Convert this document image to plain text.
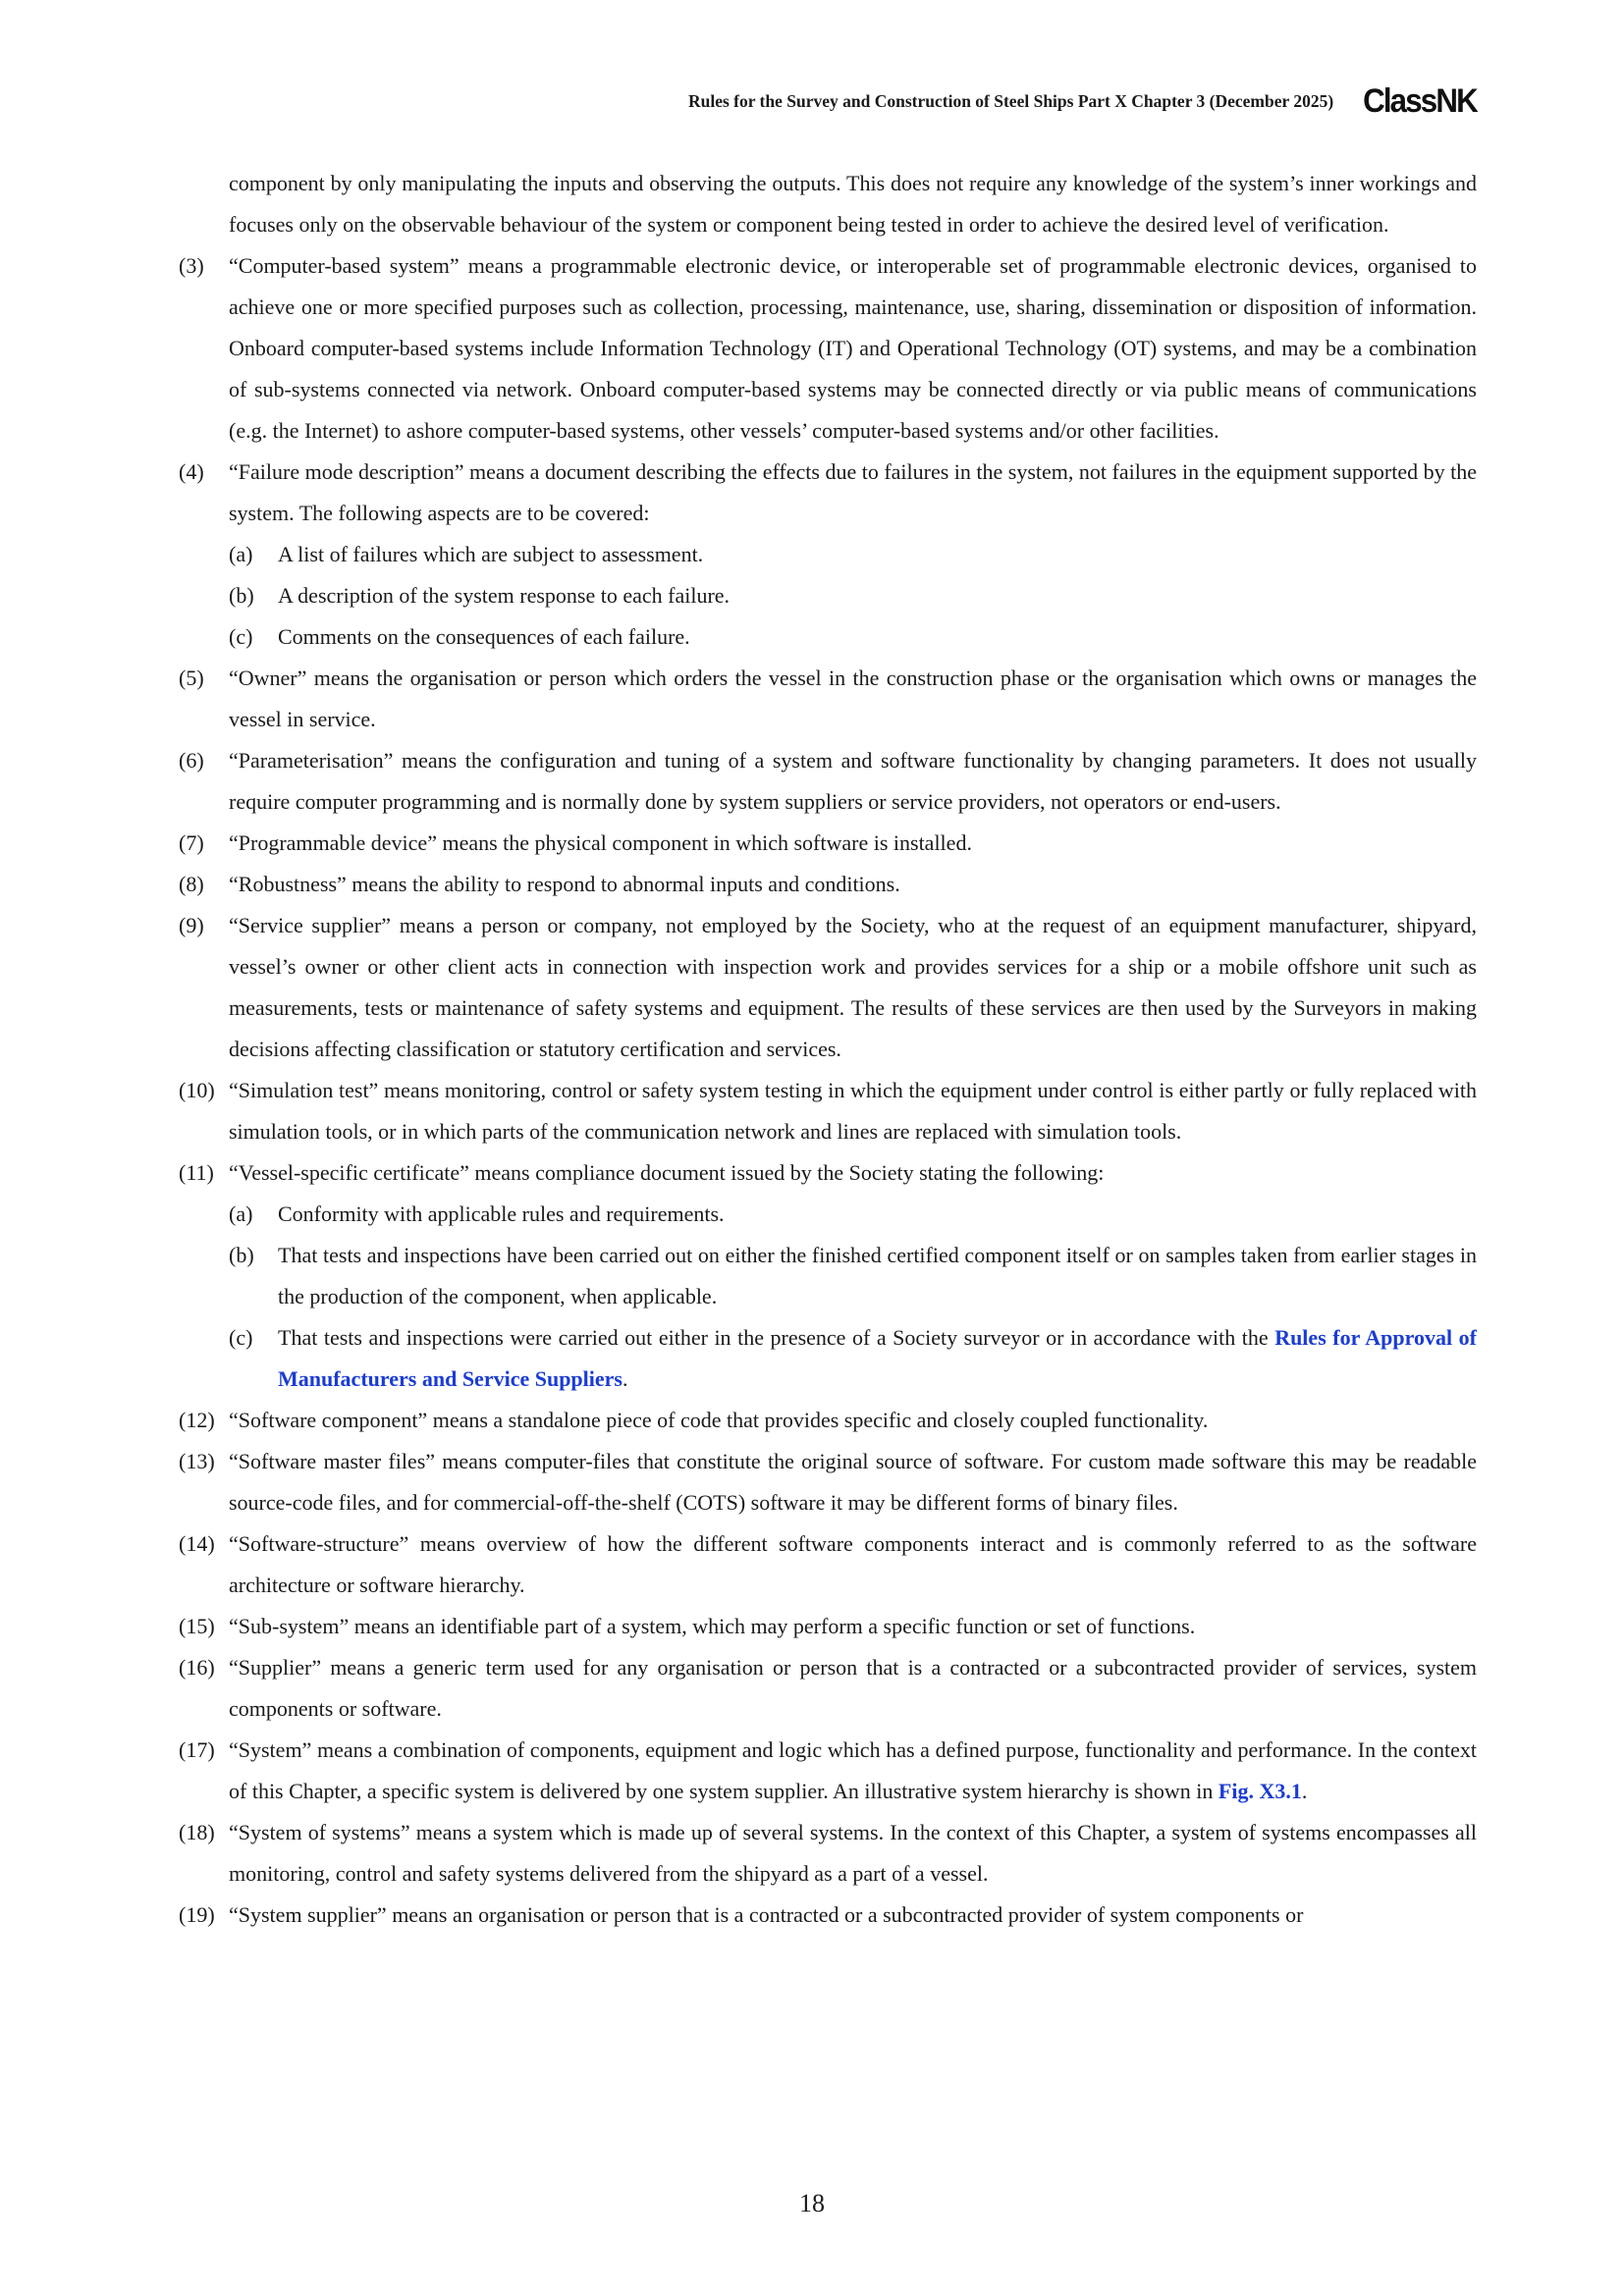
Rules for the Survey and Construction of Steel Ships Part X Chapter 3 (December 2025) ClassNK
component by only manipulating the inputs and observing the outputs. This does not require any knowledge of the system’s inner workings and focuses only on the observable behaviour of the system or component being tested in order to achieve the desired level of verification.
(3)	“Computer-based system” means a programmable electronic device, or interoperable set of programmable electronic devices, organised to achieve one or more specified purposes such as collection, processing, maintenance, use, sharing, dissemination or disposition of information. Onboard computer-based systems include Information Technology (IT) and Operational Technology (OT) systems, and may be a combination of sub-systems connected via network. Onboard computer-based systems may be connected directly or via public means of communications (e.g. the Internet) to ashore computer-based systems, other vessels’ computer-based systems and/or other facilities.
(4)	“Failure mode description” means a document describing the effects due to failures in the system, not failures in the equipment supported by the system. The following aspects are to be covered:
(a)	A list of failures which are subject to assessment.
(b)	A description of the system response to each failure.
(c)	Comments on the consequences of each failure.
(5)	“Owner” means the organisation or person which orders the vessel in the construction phase or the organisation which owns or manages the vessel in service.
(6)	“Parameterisation” means the configuration and tuning of a system and software functionality by changing parameters. It does not usually require computer programming and is normally done by system suppliers or service providers, not operators or end-users.
(7)	“Programmable device” means the physical component in which software is installed.
(8)	“Robustness” means the ability to respond to abnormal inputs and conditions.
(9)	“Service supplier” means a person or company, not employed by the Society, who at the request of an equipment manufacturer, shipyard, vessel’s owner or other client acts in connection with inspection work and provides services for a ship or a mobile offshore unit such as measurements, tests or maintenance of safety systems and equipment. The results of these services are then used by the Surveyors in making decisions affecting classification or statutory certification and services.
(10) “Simulation test” means monitoring, control or safety system testing in which the equipment under control is either partly or fully replaced with simulation tools, or in which parts of the communication network and lines are replaced with simulation tools.
(11) “Vessel-specific certificate” means compliance document issued by the Society stating the following:
(a)	Conformity with applicable rules and requirements.
(b)	That tests and inspections have been carried out on either the finished certified component itself or on samples taken from earlier stages in the production of the component, when applicable.
(c)	That tests and inspections were carried out either in the presence of a Society surveyor or in accordance with the Rules for Approval of Manufacturers and Service Suppliers.
(12) “Software component” means a standalone piece of code that provides specific and closely coupled functionality.
(13) “Software master files” means computer-files that constitute the original source of software. For custom made software this may be readable source-code files, and for commercial-off-the-shelf (COTS) software it may be different forms of binary files.
(14) “Software-structure” means overview of how the different software components interact and is commonly referred to as the software architecture or software hierarchy.
(15) “Sub-system” means an identifiable part of a system, which may perform a specific function or set of functions.
(16) “Supplier” means a generic term used for any organisation or person that is a contracted or a subcontracted provider of services, system components or software.
(17) “System” means a combination of components, equipment and logic which has a defined purpose, functionality and performance. In the context of this Chapter, a specific system is delivered by one system supplier. An illustrative system hierarchy is shown in Fig. X3.1.
(18) “System of systems” means a system which is made up of several systems. In the context of this Chapter, a system of systems encompasses all monitoring, control and safety systems delivered from the shipyard as a part of a vessel.
(19) “System supplier” means an organisation or person that is a contracted or a subcontracted provider of system components or
18
